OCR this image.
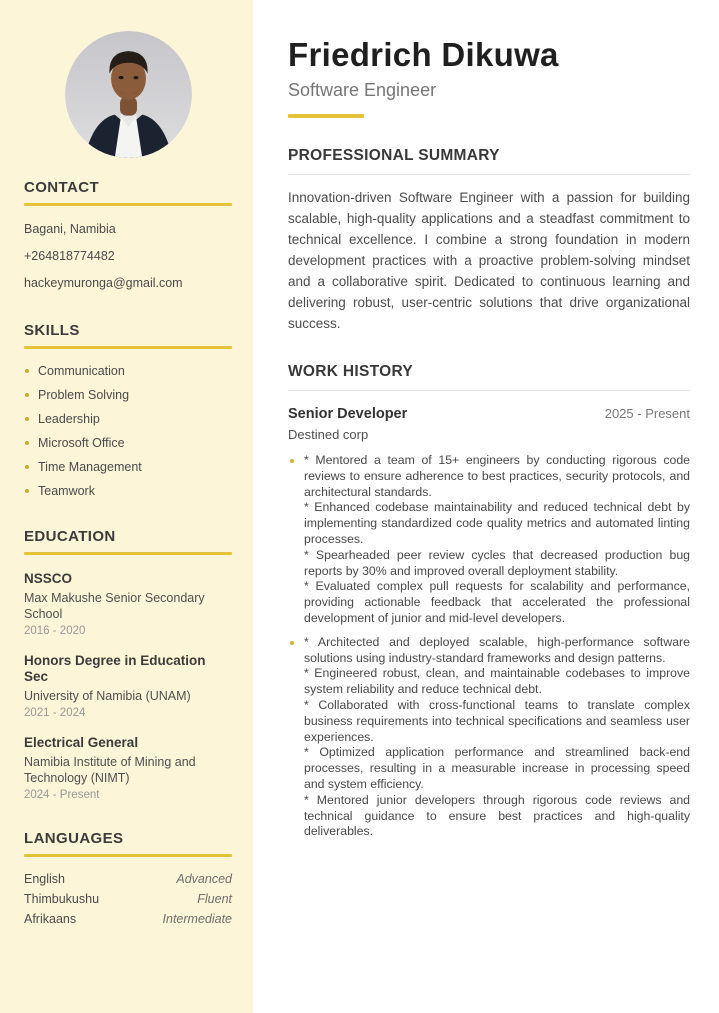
CONTACT
Bagani, Namibia
+264818774482
hackeymuronga@gmail.com
SKILLS
Communication
Problem Solving
Leadership
Microsoft Office
Time Management
Teamwork
EDUCATION
NSSCO
Max Makushe Senior Secondary School
2016 - 2020
Honors Degree in Education Sec
University of Namibia (UNAM)
2021 - 2024
Electrical General
Namibia Institute of Mining and Technology (NIMT)
2024 - Present
LANGUAGES
English	Advanced
Thimbukushu	Fluent
Afrikaans	Intermediate
Friedrich Dikuwa
Software Engineer
PROFESSIONAL SUMMARY

Innovation-driven Software Engineer with a passion for building scalable, high-quality applications and a steadfast commitment to technical excellence. I combine a strong foundation in modern development practices with a proactive problem-solving mindset and a collaborative spirit. Dedicated to continuous learning and delivering robust, user-centric solutions that drive organizational success.

WORK HISTORY
Senior Developer	2025 - Present
Destined corp
* Mentored a team of 15+ engineers by conducting rigorous code reviews to ensure adherence to best practices, security protocols, and architectural standards.
* Enhanced codebase maintainability and reduced technical debt by implementing standardized code quality metrics and automated linting processes.
* Spearheaded peer review cycles that decreased production bug reports by 30% and improved overall deployment stability.
* Evaluated complex pull requests for scalability and performance, providing actionable feedback that accelerated the professional development of junior and mid-level developers.
* Architected and deployed scalable, high-performance software solutions using industry-standard frameworks and design patterns.
* Engineered robust, clean, and maintainable codebases to improve system reliability and reduce technical debt.
* Collaborated with cross-functional teams to translate complex business requirements into technical specifications and seamless user experiences.
* Optimized application performance and streamlined back-end processes, resulting in a measurable increase in processing speed and system efficiency.
* Mentored junior developers through rigorous code reviews and technical guidance to ensure best practices and high-quality deliverables.
